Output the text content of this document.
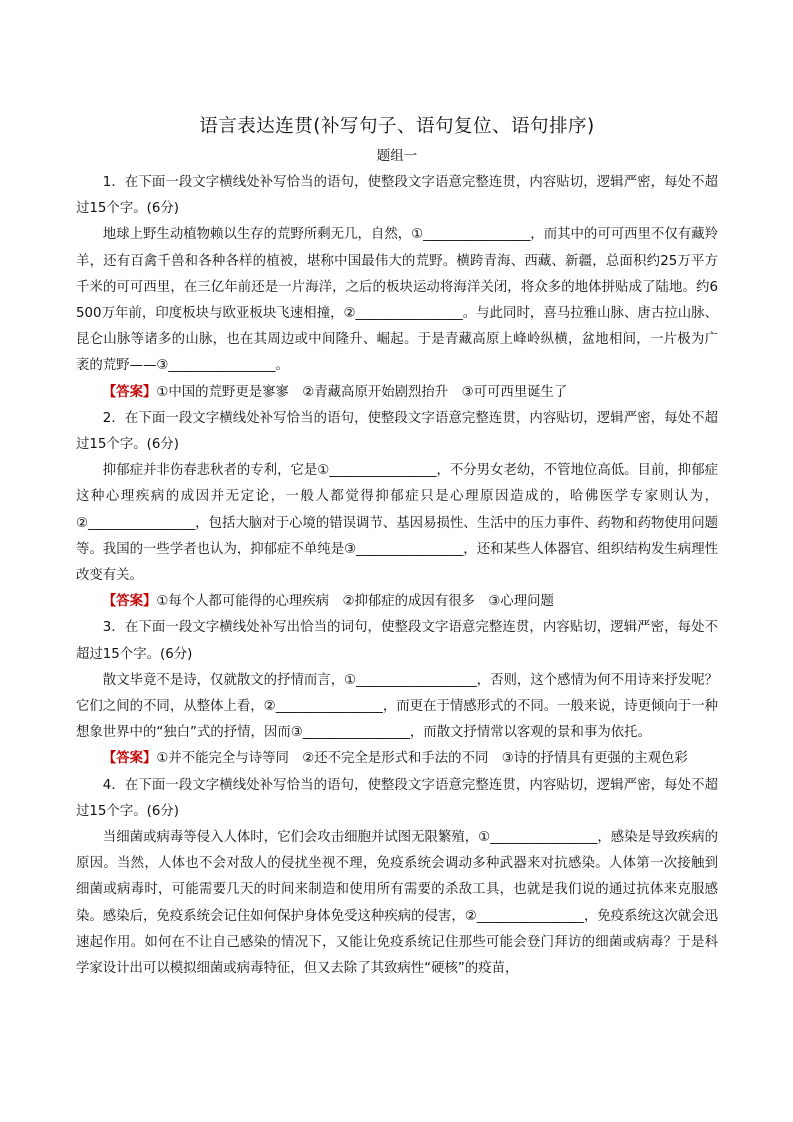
语言表达连贯(补写句子、语句复位、语句排序)
题组一

1．在下面一段文字横线处补写恰当的语句，使整段文字语意完整连贯，内容贴切，逻辑严密，每处不超过15个字。(6分)

地球上野生动植物赖以生存的荒野所剩无几，自然，①________________，而其中的可可西里不仅有藏羚羊，还有百禽千兽和各种各样的植被，堪称中国最伟大的荒野。横跨青海、西藏、新疆，总面积约25万平方千米的可可西里，在三亿年前还是一片海洋，之后的板块运动将海洋关闭，将众多的地体拼贴成了陆地。约6 500万年前，印度板块与欧亚板块飞速相撞，②________________。与此同时，喜马拉雅山脉、唐古拉山脉、昆仑山脉等诸多的山脉，也在其周边或中间隆升、崛起。于是青藏高原上峰岭纵横，盆地相间，一片极为广袤的荒野——③________________。

【答案】①中国的荒野更是寥寥　②青藏高原开始剧烈抬升　③可可西里诞生了

2．在下面一段文字横线处补写恰当的语句，使整段文字语意完整连贯，内容贴切，逻辑严密，每处不超过15个字。(6分)

抑郁症并非伤春悲秋者的专利，它是①________________，不分男女老幼，不管地位高低。目前，抑郁症这种心理疾病的成因并无定论，一般人都觉得抑郁症只是心理原因造成的，哈佛医学专家则认为，②________________，包括大脑对于心境的错误调节、基因易损性、生活中的压力事件、药物和药物使用问题等。我国的一些学者也认为，抑郁症不单纯是③________________，还和某些人体器官、组织结构发生病理性改变有关。

【答案】①每个人都可能得的心理疾病　②抑郁症的成因有很多　③心理问题

3．在下面一段文字横线处补写出恰当的词句，使整段文字语意完整连贯，内容贴切，逻辑严密，每处不超过15个字。(6分)

散文毕竟不是诗，仅就散文的抒情而言，①__________________，否则，这个感情为何不用诗来抒发呢？它们之间的不同，从整体上看，②________________，而更在于情感形式的不同。一般来说，诗更倾向于一种想象世界中的“独白”式的抒情，因而③________________，而散文抒情常以客观的景和事为依托。

【答案】①并不能完全与诗等同　②还不完全是形式和手法的不同　③诗的抒情具有更强的主观色彩

4．在下面一段文字横线处补写恰当的语句，使整段文字语意完整连贯，内容贴切，逻辑严密，每处不超过15个字。(6分)

当细菌或病毒等侵入人体时，它们会攻击细胞并试图无限繁殖，①________________，感染是导致疾病的原因。当然，人体也不会对敌人的侵扰坐视不理，免疫系统会调动多种武器来对抗感染。人体第一次接触到细菌或病毒时，可能需要几天的时间来制造和使用所有需要的杀敌工具，也就是我们说的通过抗体来克服感染。感染后，免疫系统会记住如何保护身体免受这种疾病的侵害，②________________，免疫系统这次就会迅速起作用。如何在不让自己感染的情况下，又能让免疫系统记住那些可能会登门拜访的细菌或病毒？于是科学家设计出可以模拟细菌或病毒特征，但又去除了其致病性“硬核”的疫苗，
